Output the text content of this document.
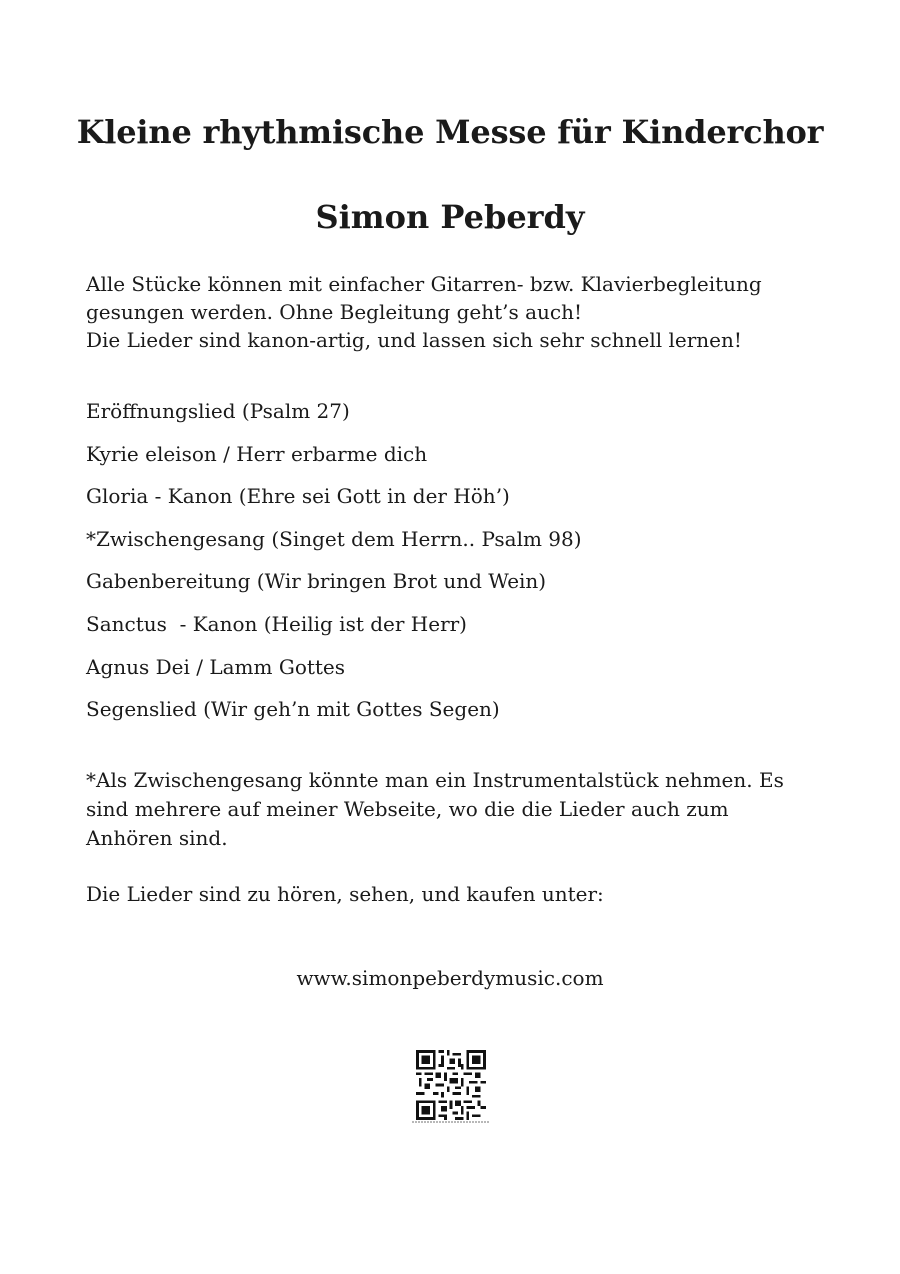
Kleine rhythmische Messe für Kinderchor
Simon Peberdy
Alle Stücke können mit einfacher Gitarren- bzw. Klavierbegleitung
gesungen werden. Ohne Begleitung geht’s auch!
Die Lieder sind kanon-artig, und lassen sich sehr schnell lernen!
Eröffnungslied (Psalm 27)
Kyrie eleison / Herr erbarme dich
Gloria - Kanon (Ehre sei Gott in der Höh’)
*Zwischengesang (Singet dem Herrn.. Psalm 98)
Gabenbereitung (Wir bringen Brot und Wein)
Sanctus  - Kanon (Heilig ist der Herr)
Agnus Dei / Lamm Gottes
Segenslied (Wir geh’n mit Gottes Segen)
*Als Zwischengesang könnte man ein Instrumentalstück nehmen. Es
sind mehrere auf meiner Webseite, wo die die Lieder auch zum
Anhören sind.
Die Lieder sind zu hören, sehen, und kaufen unter:
www.simonpeberdymusic.com
